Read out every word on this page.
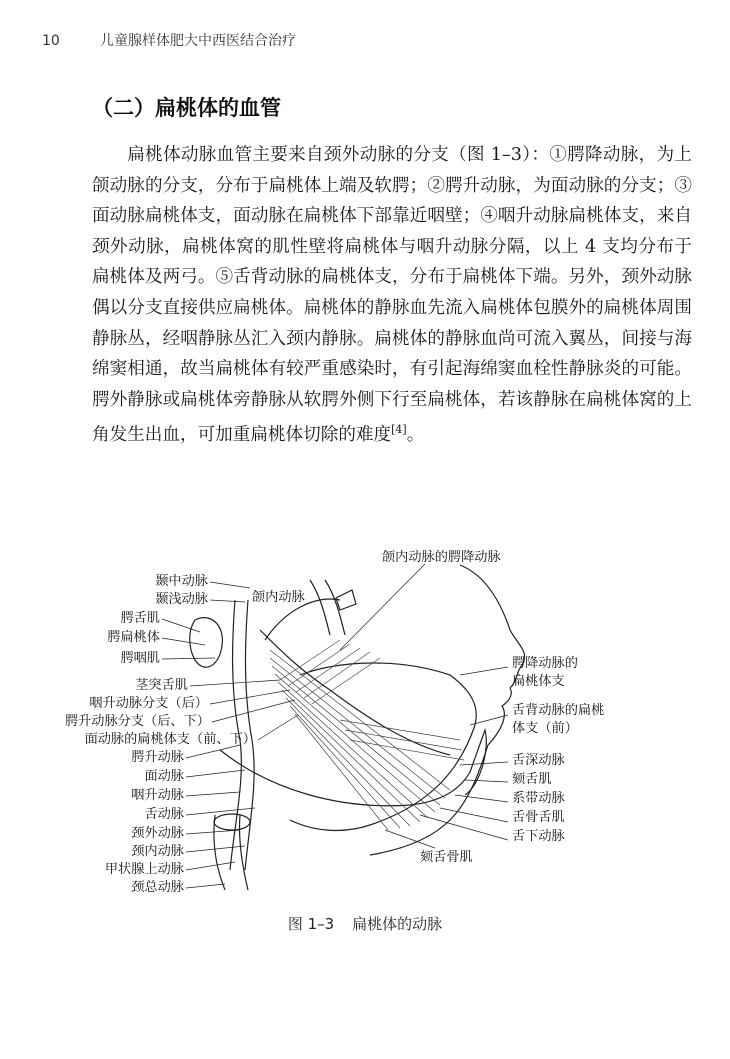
10	儿童腺样体肥大中西医结合治疗
（二）扁桃体的血管

扁桃体动脉血管主要来自颈外动脉的分支（图 1–3）：①腭降动脉，为上颌动脉的分支，分布于扁桃体上端及软腭；②腭升动脉，为面动脉的分支；③面动脉扁桃体支，面动脉在扁桃体下部靠近咽壁；④咽升动脉扁桃体支，来自颈外动脉，扁桃体窝的肌性壁将扁桃体与咽升动脉分隔，以上 4 支均分布于扁桃体及两弓。⑤舌背动脉的扁桃体支，分布于扁桃体下端。另外，颈外动脉偶以分支直接供应扁桃体。扁桃体的静脉血先流入扁桃体包膜外的扁桃体周围静脉丛，经咽静脉丛汇入颈内静脉。扁桃体的静脉血尚可流入翼丛，间接与海绵窦相通，故当扁桃体有较严重感染时，有引起海绵窦血栓性静脉炎的可能。腭外静脉或扁桃体旁静脉从软腭外侧下行至扁桃体，若该静脉在扁桃体窝的上角发生出血，可加重扁桃体切除的难度[4]。

颞中动脉
颞浅动脉
腭舌肌
腭扁桃体
腭咽肌
茎突舌肌
咽升动脉分支（后）
腭升动脉分支（后、下）
面动脉的扁桃体支（前、下）
腭升动脉
面动脉
咽升动脉
舌动脉
颈外动脉
颈内动脉
甲状腺上动脉
颈总动脉
颌内动脉的腭降动脉
颌内动脉
腭降动脉的
扁桃体支
舌背动脉的扁桃
体支（前）
舌深动脉
颏舌肌
系带动脉
舌骨舌肌
舌下动脉
颏舌骨肌
图 1–3 扁桃体的动脉
